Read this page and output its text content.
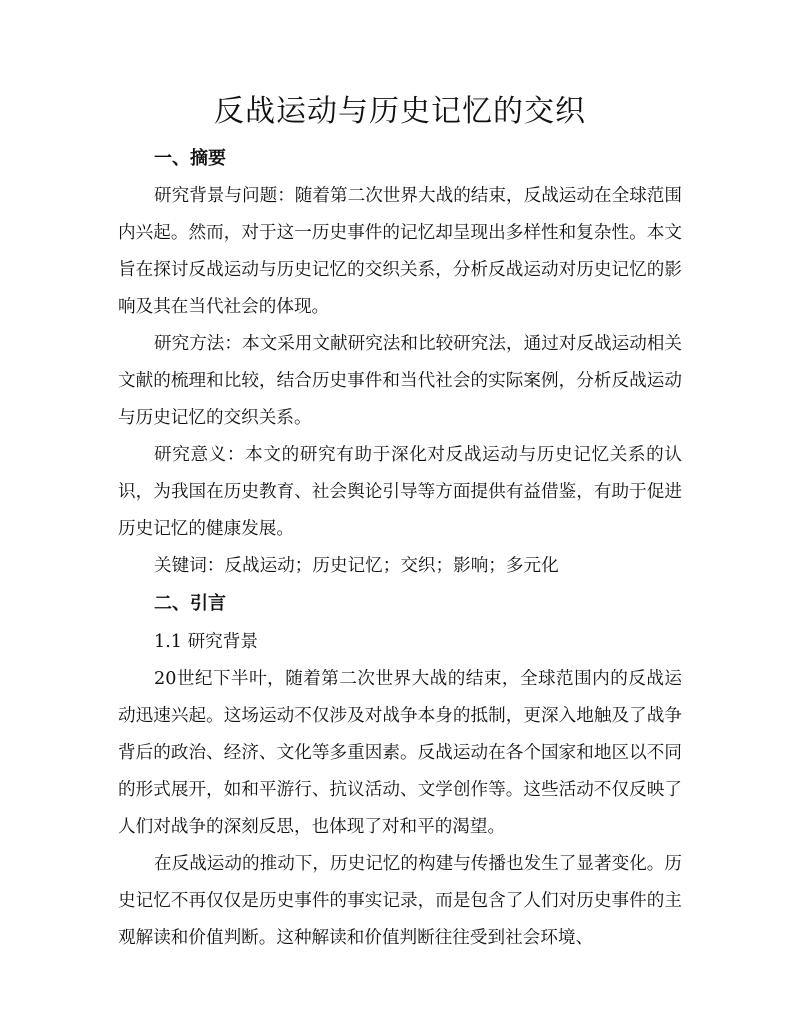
反战运动与历史记忆的交织

一、摘要

研究背景与问题：随着第二次世界大战的结束，反战运动在全球范围内兴起。然而，对于这一历史事件的记忆却呈现出多样性和复杂性。本文旨在探讨反战运动与历史记忆的交织关系，分析反战运动对历史记忆的影响及其在当代社会的体现。

研究方法：本文采用文献研究法和比较研究法，通过对反战运动相关文献的梳理和比较，结合历史事件和当代社会的实际案例，分析反战运动与历史记忆的交织关系。

研究意义：本文的研究有助于深化对反战运动与历史记忆关系的认识，为我国在历史教育、社会舆论引导等方面提供有益借鉴，有助于促进历史记忆的健康发展。

关键词：反战运动；历史记忆；交织；影响；多元化

二、引言

1.1 研究背景

20世纪下半叶，随着第二次世界大战的结束，全球范围内的反战运动迅速兴起。这场运动不仅涉及对战争本身的抵制，更深入地触及了战争背后的政治、经济、文化等多重因素。反战运动在各个国家和地区以不同的形式展开，如和平游行、抗议活动、文学创作等。这些活动不仅反映了人们对战争的深刻反思，也体现了对和平的渴望。

在反战运动的推动下，历史记忆的构建与传播也发生了显著变化。历史记忆不再仅仅是历史事件的事实记录，而是包含了人们对历史事件的主观解读和价值判断。这种解读和价值判断往往受到社会环境、
